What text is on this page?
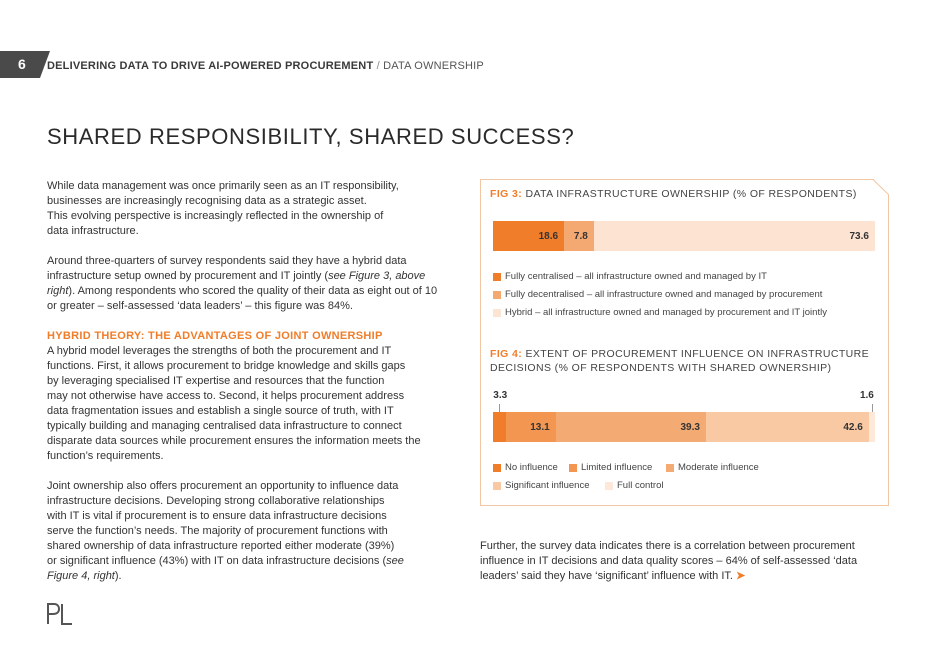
6 DELIVERING DATA TO DRIVE AI-POWERED PROCUREMENT / DATA OWNERSHIP
SHARED RESPONSIBILITY, SHARED SUCCESS?

While data management was once primarily seen as an IT responsibility,

businesses are increasingly recognising data as a strategic asset.

This evolving perspective is increasingly reflected in the ownership of

data infrastructure.

Around three-quarters of survey respondents said they have a hybrid data

infrastructure setup owned by procurement and IT jointly (see Figure 3, above

right). Among respondents who scored the quality of their data as eight out of 10

or greater – self-assessed ‘data leaders’ – this figure was 84%.

HYBRID THEORY: THE ADVANTAGES OF JOINT OWNERSHIP

A hybrid model leverages the strengths of both the procurement and IT

functions. First, it allows procurement to bridge knowledge and skills gaps

by leveraging specialised IT expertise and resources that the function

may not otherwise have access to. Second, it helps procurement address

data fragmentation issues and establish a single source of truth, with IT

typically building and managing centralised data infrastructure to connect

disparate data sources while procurement ensures the information meets the

function’s requirements.

Joint ownership also offers procurement an opportunity to influence data

infrastructure decisions. Developing strong collaborative relationships

with IT is vital if procurement is to ensure data infrastructure decisions

serve the function’s needs. The majority of procurement functions with

shared ownership of data infrastructure reported either moderate (39%)

or significant influence (43%) with IT on data infrastructure decisions (see

Figure 4, right).

FIG 3: DATA INFRASTRUCTURE OWNERSHIP (% OF RESPONDENTS)
18.6 7.8	73.6
Fully centralised – all infrastructure owned and managed by IT
Fully decentralised – all infrastructure owned and managed by procurement
Hybrid – all infrastructure owned and managed by procurement and IT jointly
FIG 4: EXTENT OF PROCUREMENT INFLUENCE ON INFRASTRUCTURE
DECISIONS (% OF RESPONDENTS WITH SHARED OWNERSHIP)
3.3	1.6
13.1	39.3	42.6
No influence Limited influence	Moderate influence
Significant influence	Full control

Further, the survey data indicates there is a correlation between procurement

influence in IT decisions and data quality scores – 64% of self-assessed ‘data

leaders’ said they have ‘significant’ influence with IT. ➤
